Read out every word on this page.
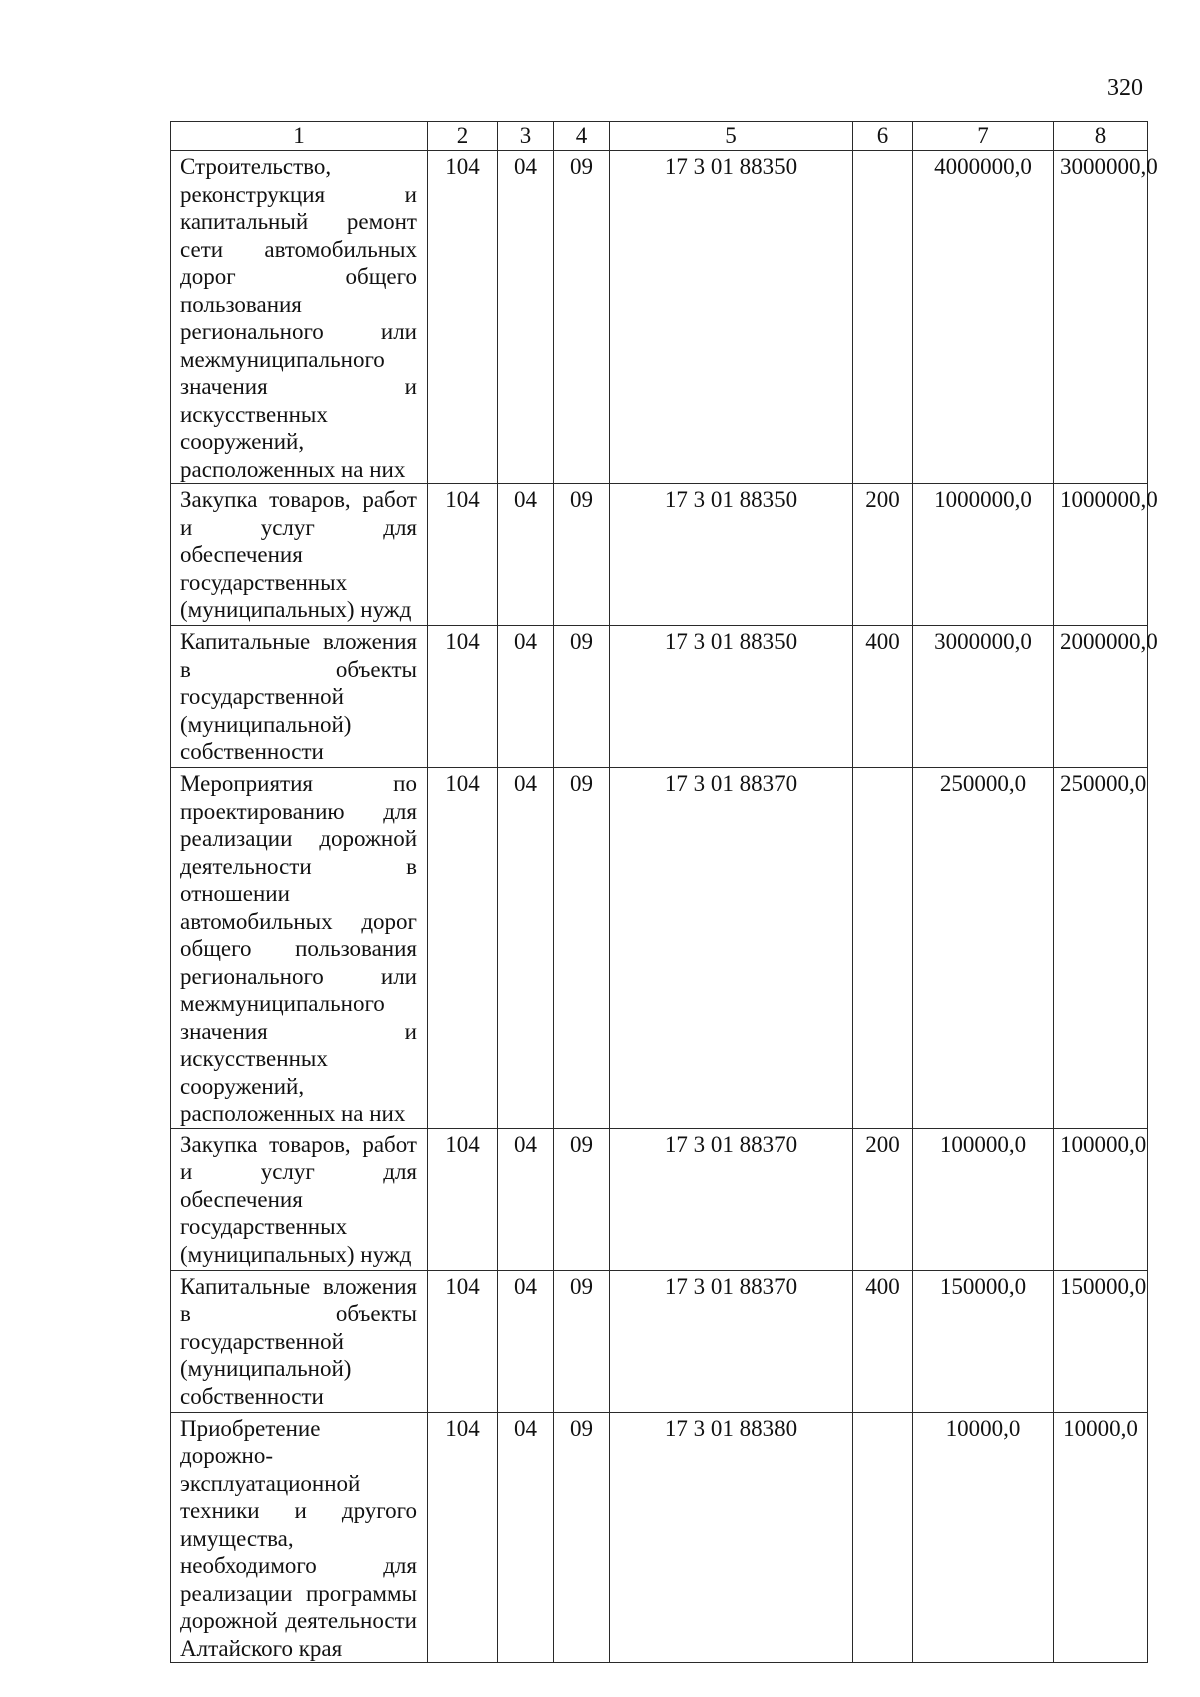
320
1	2	3	4	5	6	7	8
Строительство, реконструкция и капитальный ремонт сети автомобильных дорог общего пользования регионального или межмуниципального значения и искусственных сооружений, расположенных на них	104	04	09	17 3 01 88350		4000000,0	3000000,0
Закупка товаров, работ и услуг для обеспечения государственных (муниципальных) нужд	104	04	09	17 3 01 88350	200	1000000,0	1000000,0
Капитальные вложения в объекты государственной (муниципальной) собственности	104	04	09	17 3 01 88350	400	3000000,0	2000000,0
Мероприятия по проектированию для реализации дорожной деятельности в отношении автомобильных дорог общего пользования регионального или межмуниципального значения и искусственных сооружений, расположенных на них	104	04	09	17 3 01 88370		250000,0	250000,0
Закупка товаров, работ и услуг для обеспечения государственных (муниципальных) нужд	104	04	09	17 3 01 88370	200	100000,0	100000,0
Капитальные вложения в объекты государственной (муниципальной) собственности	104	04	09	17 3 01 88370	400	150000,0	150000,0
Приобретение дорожно-эксплуатационной техники и другого имущества, необходимого для реализации программы дорожной деятельности Алтайского края	104	04	09	17 3 01 88380		10000,0	10000,0
